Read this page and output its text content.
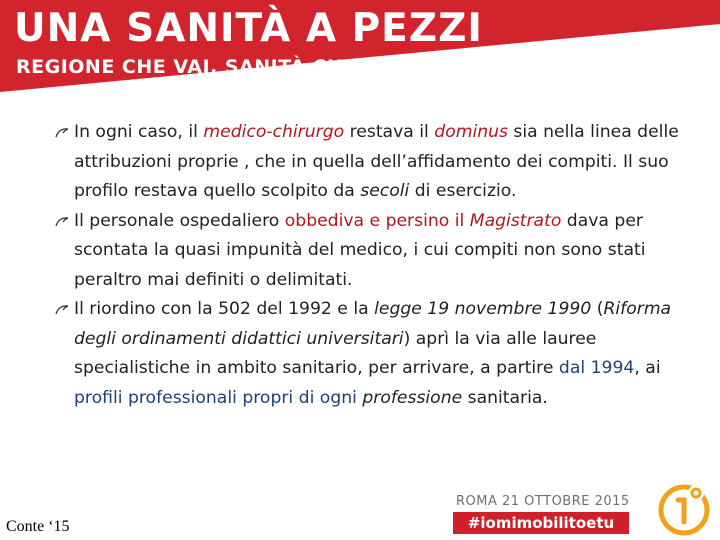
UNA SANITÀ A PEZZI
REGIONE CHE VAI, SANITÀ CHE TROVI...
In ogni caso, il medico-chirurgo restava il dominus sia nella linea delle attribuzioni proprie , che in quella dell’affidamento dei compiti. Il suo profilo restava quello scolpito da secoli di esercizio.
Il personale ospedaliero obbediva e persino il Magistrato dava per scontata la quasi impunità del medico, i cui compiti non sono stati peraltro mai definiti o delimitati.
Il riordino con la 502 del 1992 e la legge 19 novembre 1990 (Riforma degli ordinamenti didattici universitari) aprì la via alle lauree specialistiche in ambito sanitario, per arrivare, a partire dal 1994, ai profili professionali propri di ogni professione sanitaria.
Conte ‘15
ROMA 21 OTTOBRE 2015
#iomimobilitoetu
